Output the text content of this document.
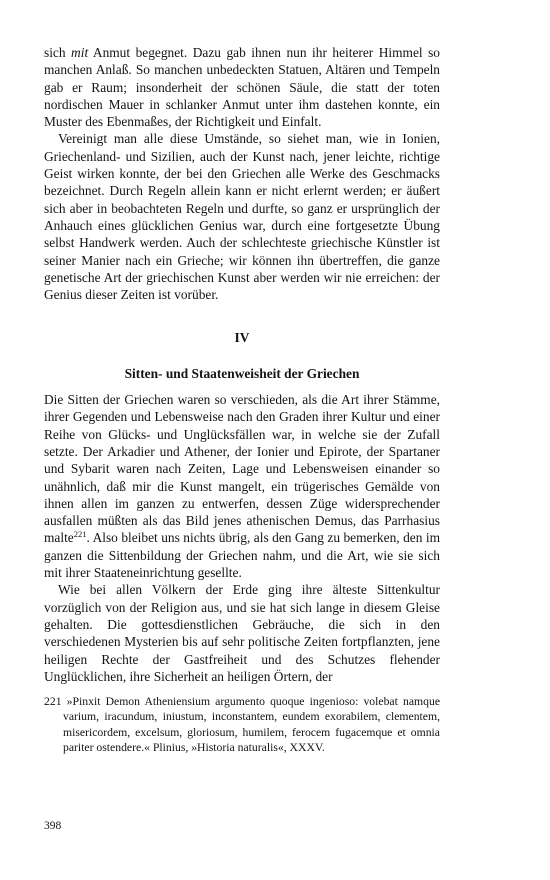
sich mit Anmut begegnet. Dazu gab ihnen nun ihr heiterer Himmel so manchen Anlaß. So manchen unbedeckten Statuen, Altären und Tempeln gab er Raum; insonderheit der schönen Säule, die statt der toten nordischen Mauer in schlanker Anmut unter ihm dastehen konnte, ein Muster des Ebenmaßes, der Richtigkeit und Einfalt.

Vereinigt man alle diese Umstände, so siehet man, wie in Ionien, Griechenland- und Sizilien, auch der Kunst nach, jener leichte, richtige Geist wirken konnte, der bei den Griechen alle Werke des Geschmacks bezeichnet. Durch Regeln allein kann er nicht erlernt werden; er äußert sich aber in beobachteten Regeln und durfte, so ganz er ursprünglich der Anhauch eines glücklichen Genius war, durch eine fortgesetzte Übung selbst Handwerk werden. Auch der schlechteste griechische Künstler ist seiner Manier nach ein Grieche; wir können ihn übertreffen, die ganze genetische Art der griechischen Kunst aber werden wir nie erreichen: der Genius dieser Zeiten ist vorüber.

IV

Sitten- und Staatenweisheit der Griechen

Die Sitten der Griechen waren so verschieden, als die Art ihrer Stämme, ihrer Gegenden und Lebensweise nach den Graden ihrer Kultur und einer Reihe von Glücks- und Unglücksfällen war, in welche sie der Zufall setzte. Der Arkadier und Athener, der Ionier und Epirote, der Spartaner und Sybarit waren nach Zeiten, Lage und Lebensweisen einander so unähnlich, daß mir die Kunst mangelt, ein trügerisches Gemälde von ihnen allen im ganzen zu entwerfen, dessen Züge widersprechender ausfallen müßten als das Bild jenes athenischen Demus, das Parrhasius malte$^{221}$. Also bleibet uns nichts übrig, als den Gang zu bemerken, den im ganzen die Sittenbildung der Griechen nahm, und die Art, wie sie sich mit ihrer Staateneinrichtung gesellte.

Wie bei allen Völkern der Erde ging ihre älteste Sittenkultur vorzüglich von der Religion aus, und sie hat sich lange in diesem Gleise gehalten. Die gottesdienstlichen Gebräuche, die sich in den verschiedenen Mysterien bis auf sehr politische Zeiten fortpflanzten, jene heiligen Rechte der Gastfreiheit und des Schutzes flehender Unglücklichen, ihre Sicherheit an heiligen Örtern, der

221 »Pinxit Demon Atheniensium argumento quoque ingenioso: volebat namque varium, iracundum, iniustum, inconstantem, eundem exorabilem, clementem, misericordem, excelsum, gloriosum, humilem, ferocem fugacemque et omnia pariter ostendere.« Plinius, »Historia naturalis«, XXXV.

398
